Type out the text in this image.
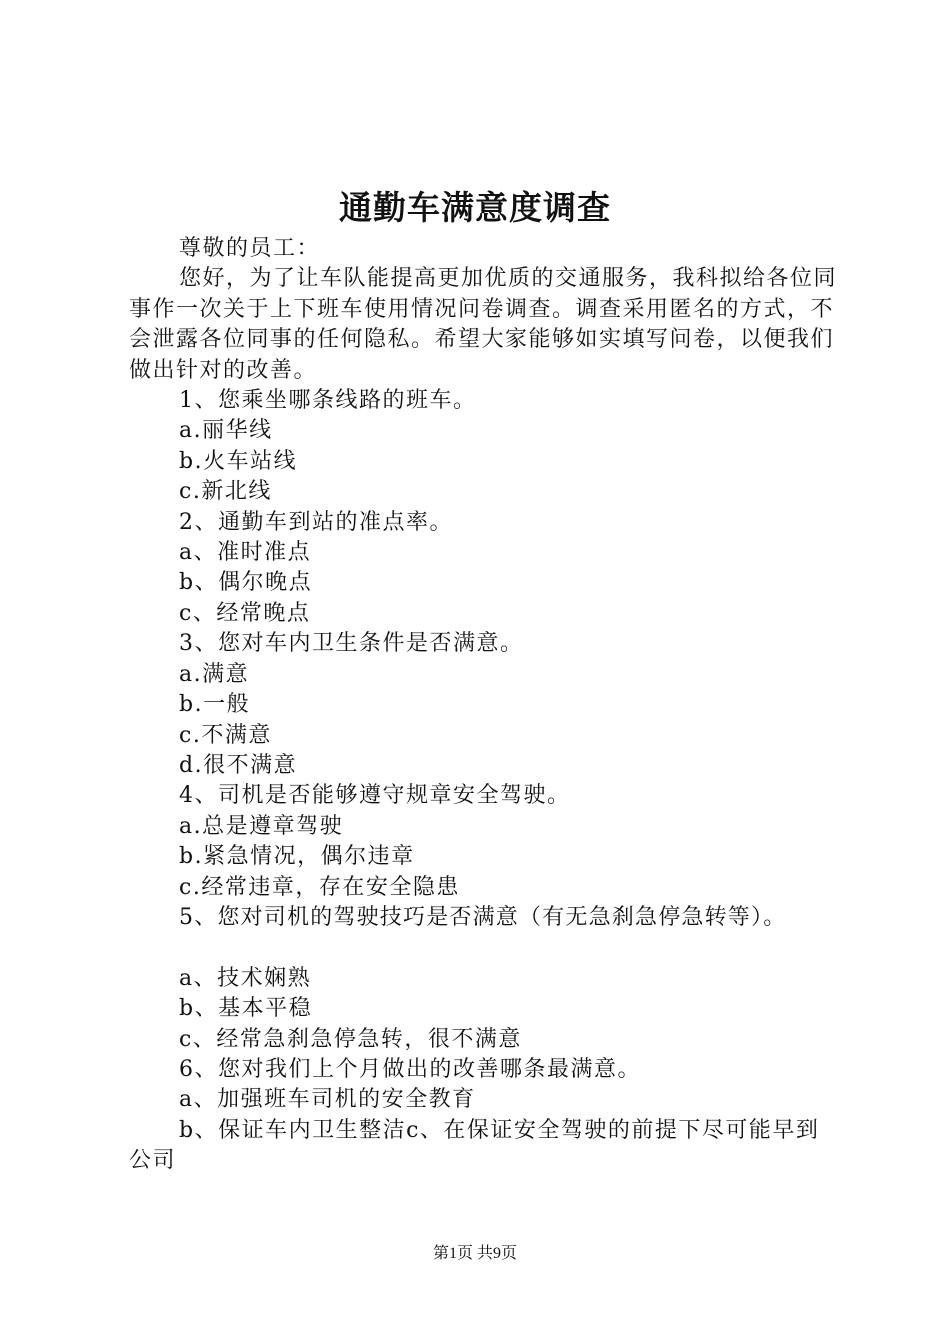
通勤车满意度调查

尊敬的员工：

您好，为了让车队能提高更加优质的交通服务，我科拟给各位同事作一次关于上下班车使用情况问卷调查。调查采用匿名的方式，不会泄露各位同事的任何隐私。希望大家能够如实填写问卷，以便我们做出针对的改善。

1、您乘坐哪条线路的班车。

a.丽华线

b.火车站线

c.新北线

2、通勤车到站的准点率。

a、准时准点

b、偶尔晚点

c、经常晚点

3、您对车内卫生条件是否满意。

a.满意

b.一般

c.不满意

d.很不满意

4、司机是否能够遵守规章安全驾驶。

a.总是遵章驾驶

b.紧急情况，偶尔违章

c.经常违章，存在安全隐患

5、您对司机的驾驶技巧是否满意（有无急刹急停急转等）。

a、技术娴熟

b、基本平稳

c、经常急刹急停急转，很不满意

6、您对我们上个月做出的改善哪条最满意。

a、加强班车司机的安全教育

b、保证车内卫生整洁c、在保证安全驾驶的前提下尽可能早到公司

第1页 共9页
